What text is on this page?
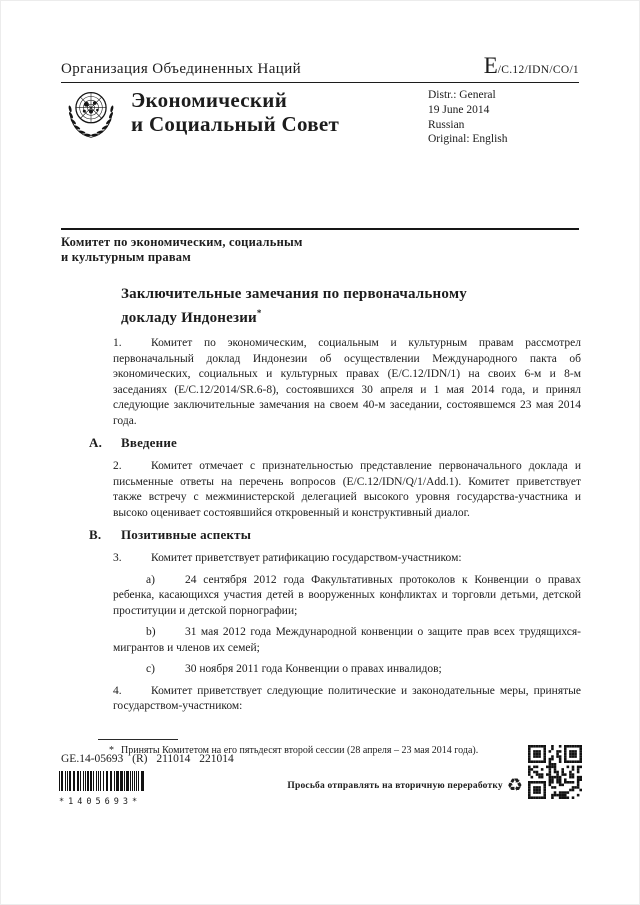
Организация Объединенных Наций	E/C.12/IDN/CO/1
Экономический
и Социальный Совет
Distr.: General
19 June 2014
Russian
Original: English
Комитет по экономическим, социальным
и культурным правам
Заключительные замечания по первоначальному докладу Индонезии*

1.	Комитет по экономическим, социальным и культурным правам рассмотрел первоначальный доклад Индонезии об осуществлении Международного пакта об экономических, социальных и культурных правах (E/C.12/IDN/1) на своих 6-м и 8-м заседаниях (E/C.12/2014/SR.6-8), состоявшихся 30 апреля и 1 мая 2014 года, и принял следующие заключительные замечания на своем 40-м заседании, состоявшемся 23 мая 2014 года.

A. Введение

2.	Комитет отмечает с признательностью представление первоначального доклада и письменные ответы на перечень вопросов (E/C.12/IDN/Q/1/Add.1). Комитет приветствует также встречу с межминистерской делегацией высокого уровня государства-участника и высоко оценивает состоявшийся откровенный и конструктивный диалог.

B. Позитивные аспекты

3.	Комитет приветствует ратификацию государством-участником:

a)	24 сентября 2012 года Факультативных протоколов к Конвенции о правах ребенка, касающихся участия детей в вооруженных конфликтах и торговли детьми, детской проституции и детской порнографии;

b)	31 мая 2012 года Международной конвенции о защите прав всех трудящихся-мигрантов и членов их семей;

c)	30 ноября 2011 года Конвенции о правах инвалидов;

4.	Комитет приветствует следующие политические и законодательные меры, принятые государством-участником:

* Приняты Комитетом на его пятьдесят второй сессии (28 апреля – 23 мая 2014 года).
GE.14-05693 (R) 211014 221014
*1405693*
Просьба отправлять на вторичную переработку ♻
